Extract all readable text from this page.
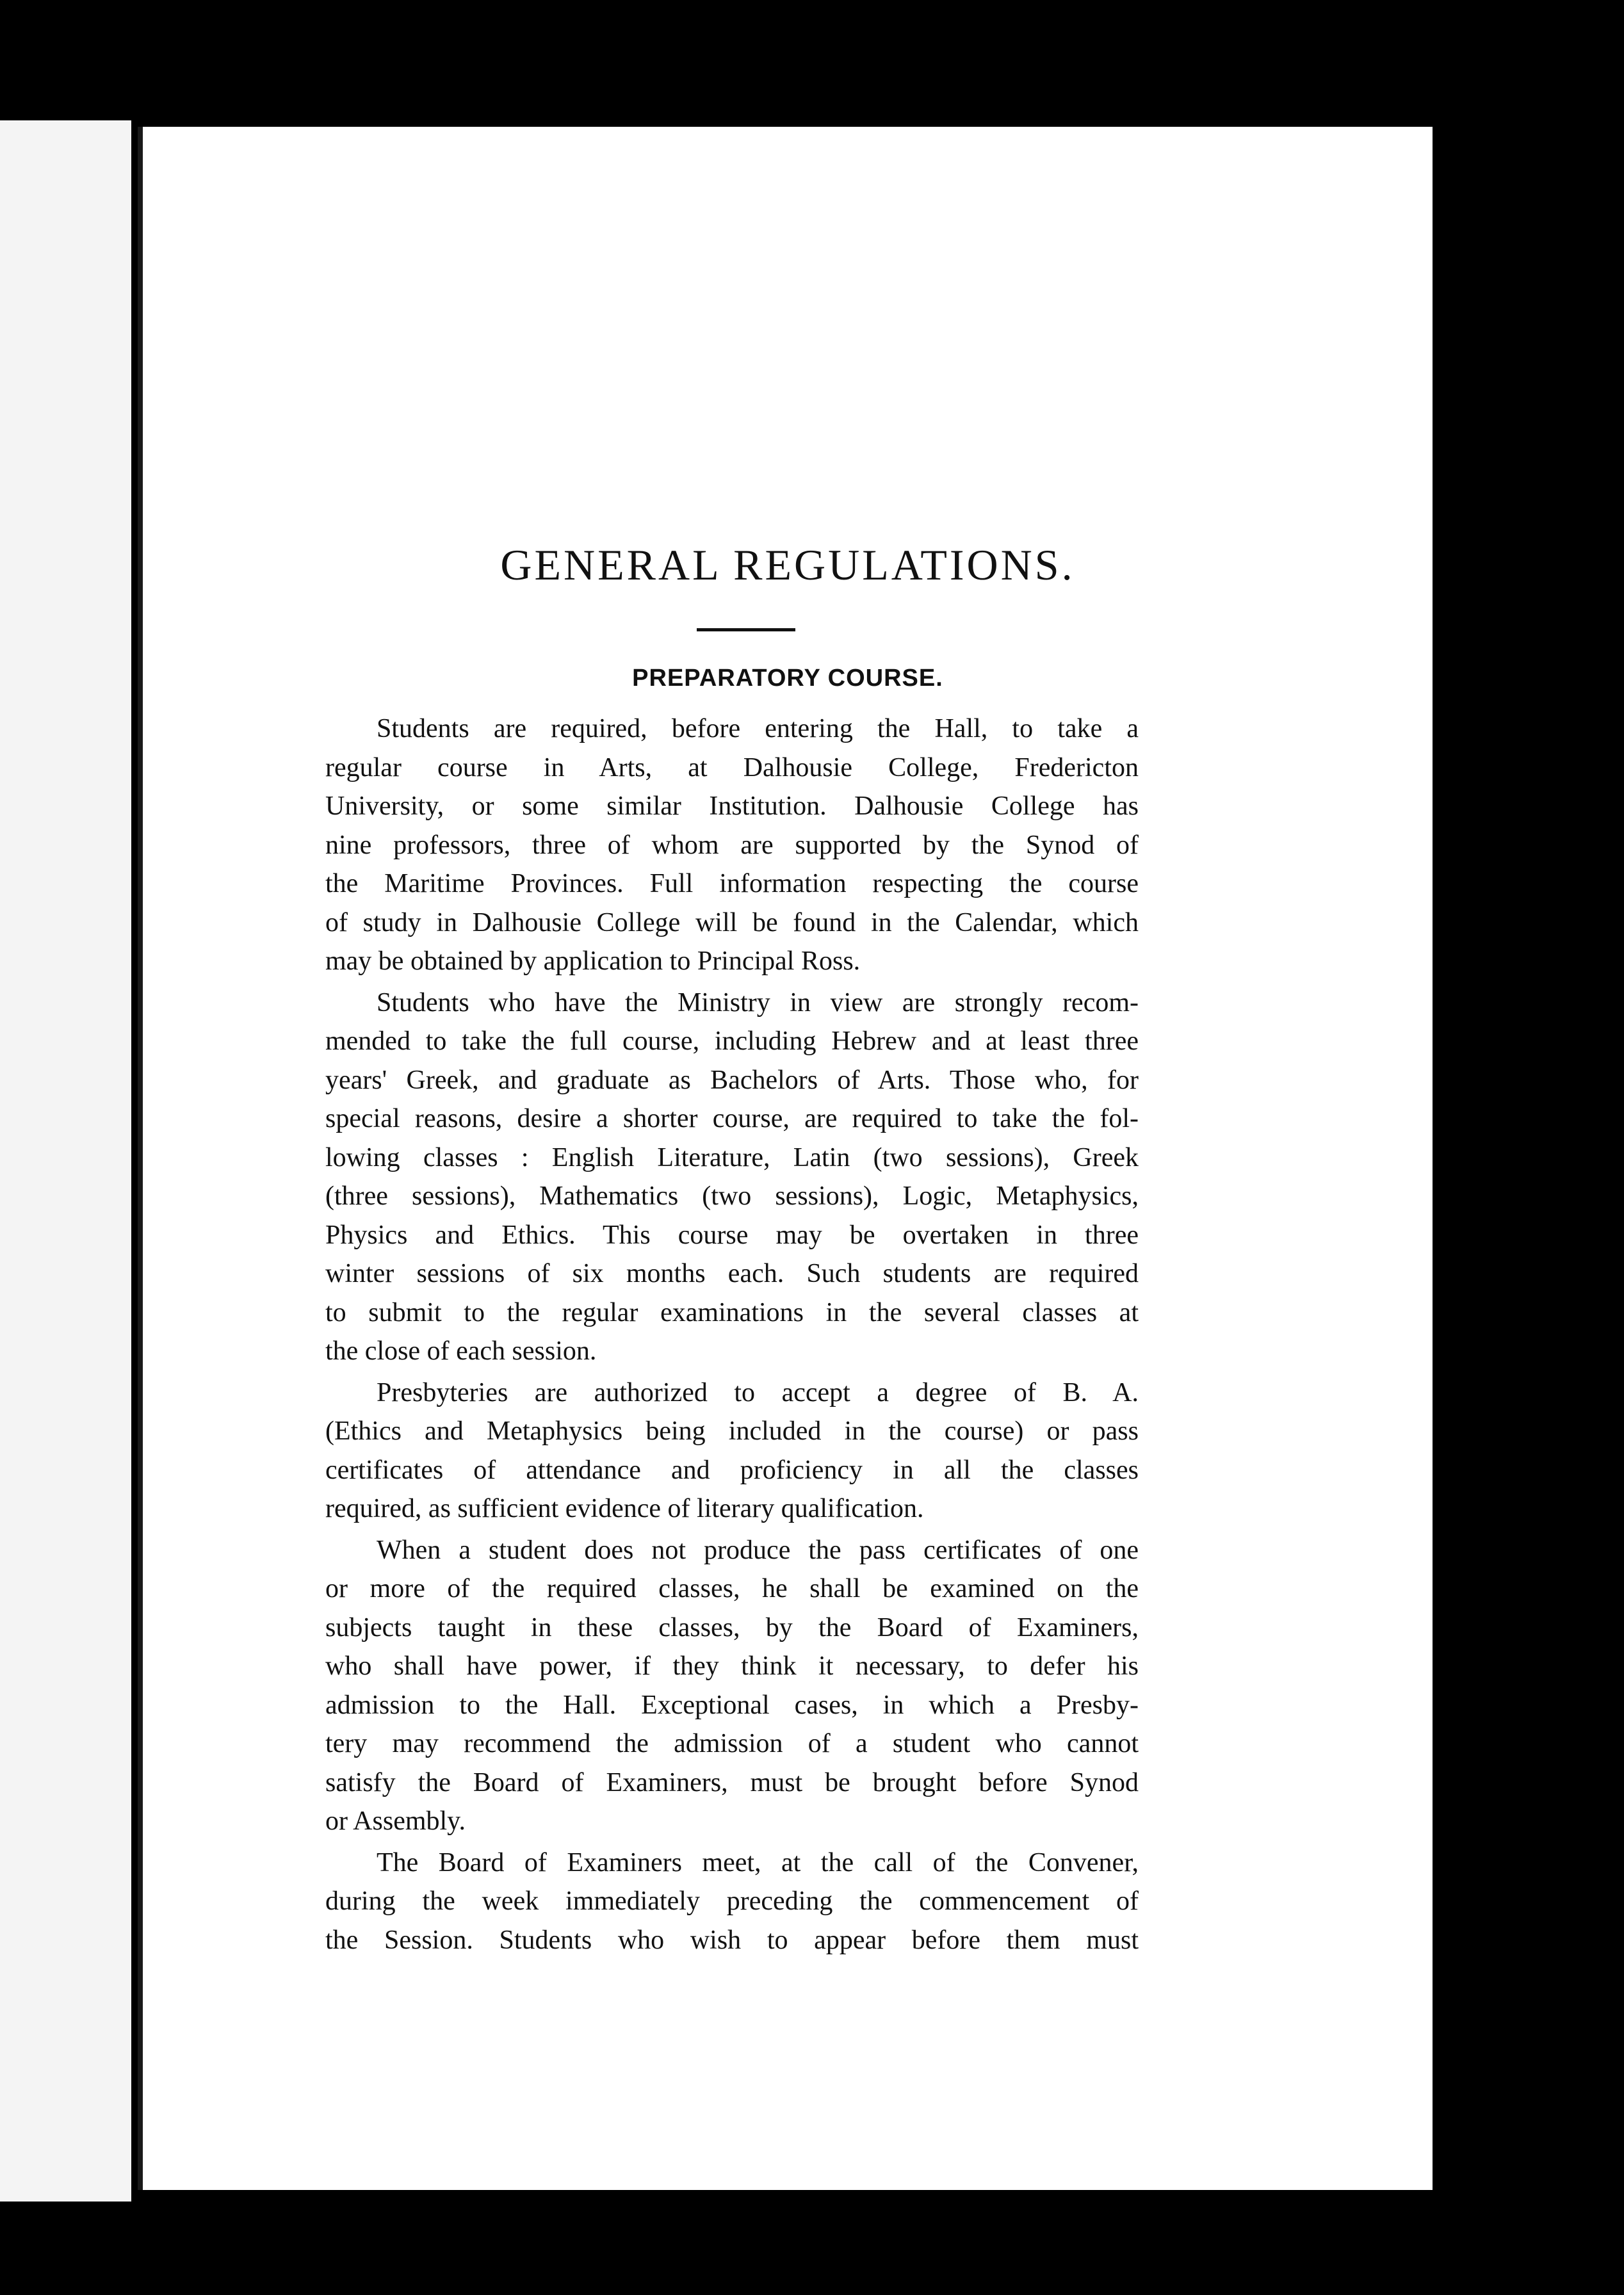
GENERAL REGULATIONS.
PREPARATORY COURSE.
Students are required, before entering the Hall, to take a
regular course in Arts, at Dalhousie College, Fredericton
University, or some similar Institution. Dalhousie College has
nine professors, three of whom are supported by the Synod of
the Maritime Provinces. Full information respecting the course
of study in Dalhousie College will be found in the Calendar, which
may be obtained by application to Principal Ross.
Students who have the Ministry in view are strongly recom-
mended to take the full course, including Hebrew and at least three
years' Greek, and graduate as Bachelors of Arts. Those who, for
special reasons, desire a shorter course, are required to take the fol-
lowing classes : English Literature, Latin (two sessions), Greek
(three sessions), Mathematics (two sessions), Logic, Metaphysics,
Physics and Ethics. This course may be overtaken in three
winter sessions of six months each. Such students are required
to submit to the regular examinations in the several classes at
the close of each session.
Presbyteries are authorized to accept a degree of B. A.
(Ethics and Metaphysics being included in the course) or pass
certificates of attendance and proficiency in all the classes
required, as sufficient evidence of literary qualification.
When a student does not produce the pass certificates of one
or more of the required classes, he shall be examined on the
subjects taught in these classes, by the Board of Examiners,
who shall have power, if they think it necessary, to defer his
admission to the Hall. Exceptional cases, in which a Presby-
tery may recommend the admission of a student who cannot
satisfy the Board of Examiners, must be brought before Synod
or Assembly.
The Board of Examiners meet, at the call of the Convener,
during the week immediately preceding the commencement of
the Session. Students who wish to appear before them must
